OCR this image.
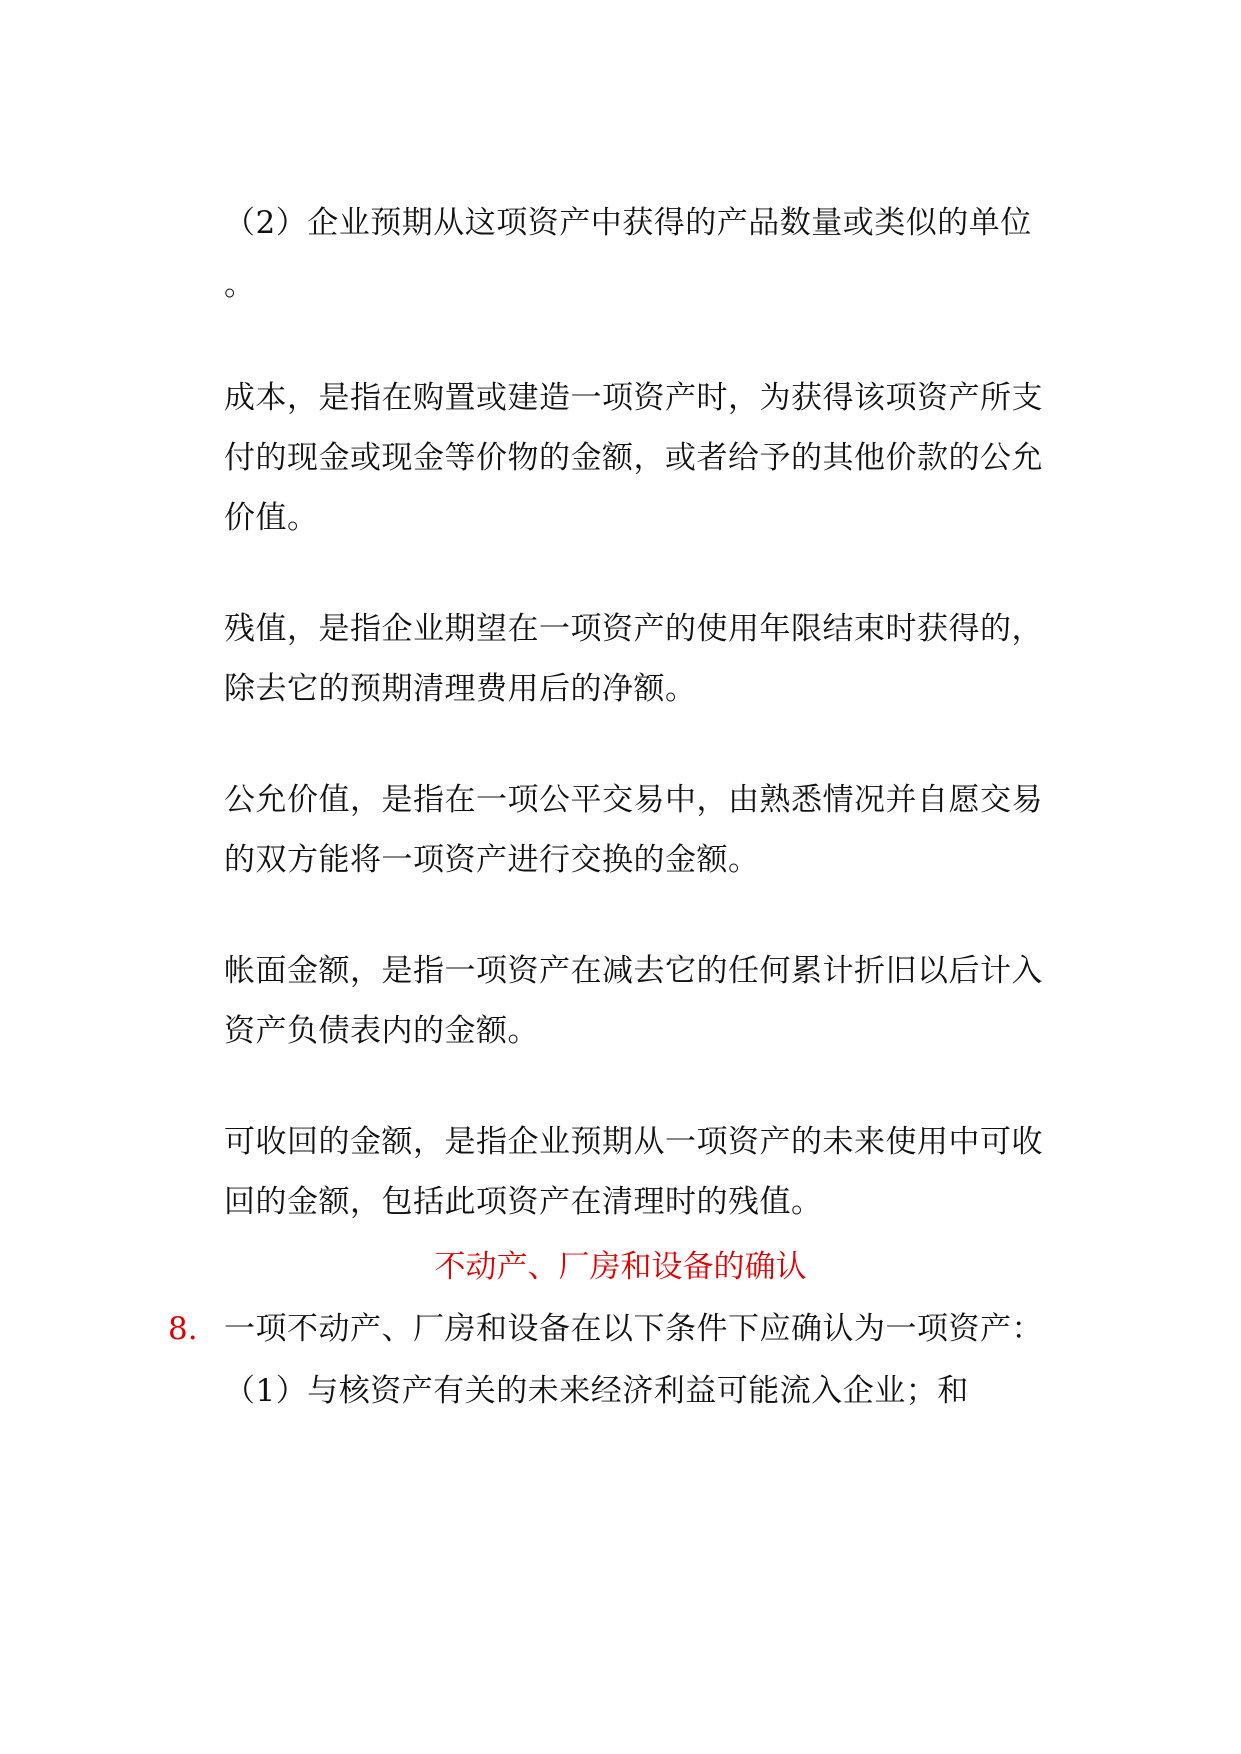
（2）企业预期从这项资产中获得的产品数量或类似的单位
。
成本，是指在购置或建造一项资产时，为获得该项资产所支
付的现金或现金等价物的金额，或者给予的其他价款的公允
价值。
残值，是指企业期望在一项资产的使用年限结束时获得的，
除去它的预期清理费用后的净额。
公允价值，是指在一项公平交易中，由熟悉情况并自愿交易
的双方能将一项资产进行交换的金额。
帐面金额，是指一项资产在减去它的任何累计折旧以后计入
资产负债表内的金额。
可收回的金额，是指企业预期从一项资产的未来使用中可收
回的金额，包括此项资产在清理时的残值。
不动产、厂房和设备的确认
8. 一项不动产、厂房和设备在以下条件下应确认为一项资产：
（1）与核资产有关的未来经济利益可能流入企业；和
